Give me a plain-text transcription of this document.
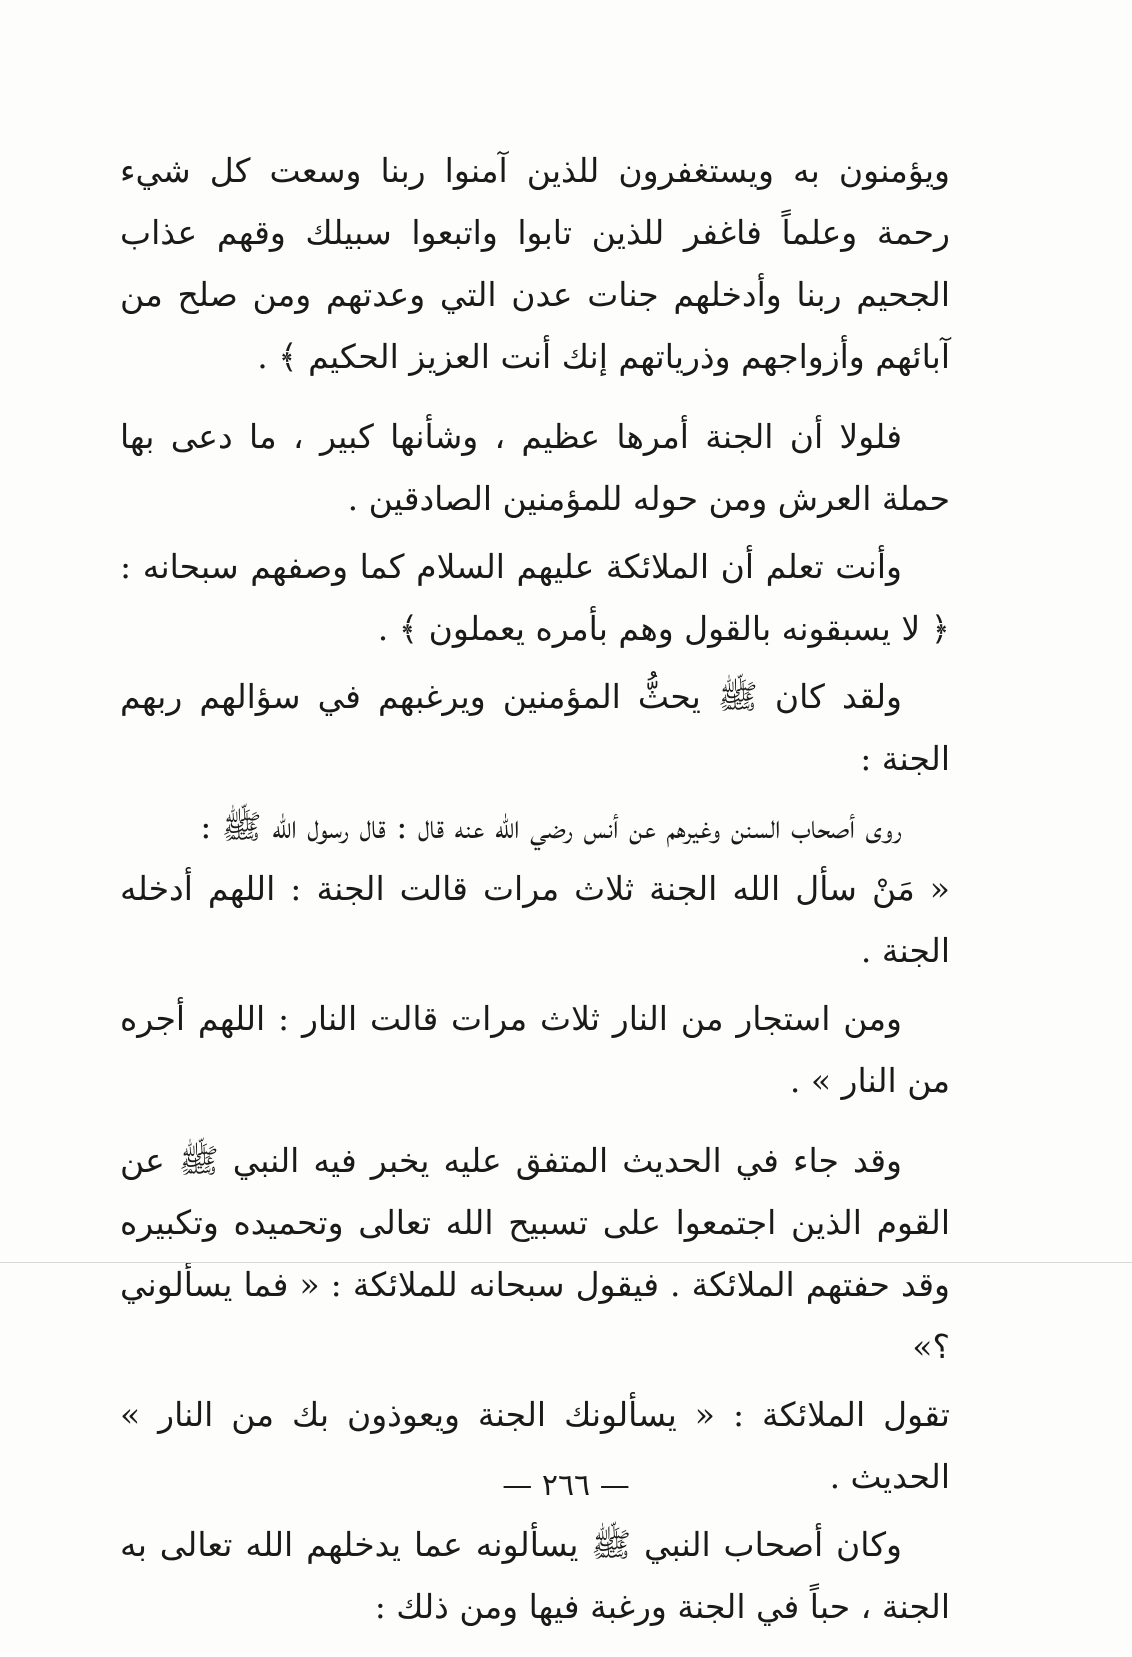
ويؤمنون به ويستغفرون للذين آمنوا ربنا وسعت كل شيء رحمة وعلماً فاغفر للذين تابوا واتبعوا سبيلك وقهم عذاب الجحيم ربنا وأدخلهم جنات عدن التي وعدتهم ومن صلح من آبائهم وأزواجهم وذرياتهم إنك أنت العزيز الحكيم ﴾ .

فلولا أن الجنة أمرها عظيم ، وشأنها كبير ، ما دعى بها حملة العرش ومن حوله للمؤمنين الصادقين .

وأنت تعلم أن الملائكة عليهم السلام كما وصفهم سبحانه : ﴿ لا يسبقونه بالقول وهم بأمره يعملون ﴾ .

ولقد كان ﷺ يحثُّ المؤمنين ويرغبهم في سؤالهم ربهم الجنة :

روى أصحاب السنن وغيرهم عن أنس رضي الله عنه قال : قال رسول الله ﷺ :

« مَنْ سأل الله الجنة ثلاث مرات قالت الجنة : اللهم أدخله الجنة .

ومن استجار من النار ثلاث مرات قالت النار : اللهم أجره من النار » .

وقد جاء في الحديث المتفق عليه يخبر فيه النبي ﷺ عن القوم الذين اجتمعوا على تسبيح الله تعالى وتحميده وتكبيره وقد حفتهم الملائكة . فيقول سبحانه للملائكة : « فما يسألوني ؟»

تقول الملائكة : « يسألونك الجنة ويعوذون بك من النار » الحديث .

وكان أصحاب النبي ﷺ يسألونه عما يدخلهم الله تعالى به الجنة ، حباً في الجنة ورغبة فيها ومن ذلك :

— ٢٦٦ —
